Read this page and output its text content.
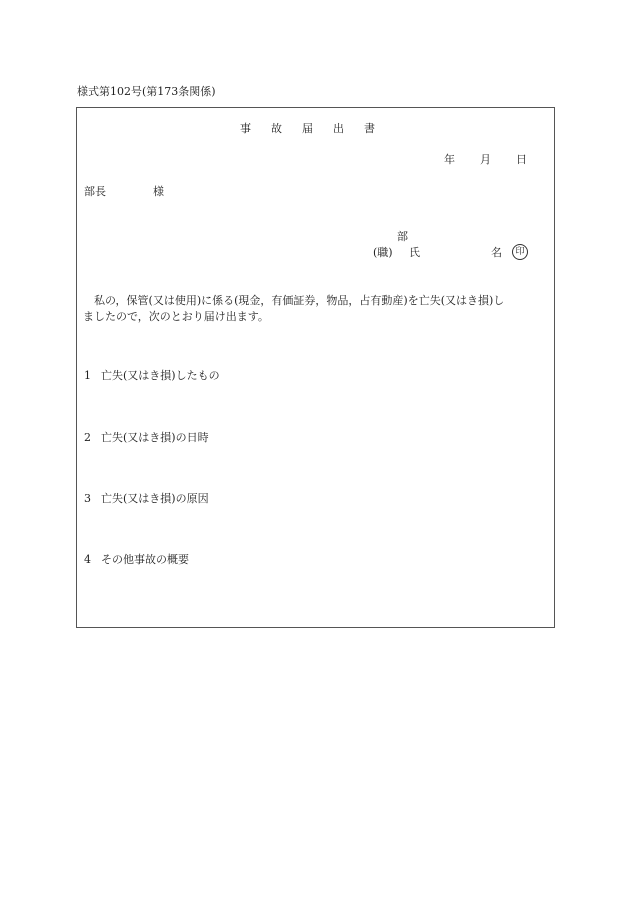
様式第102号(第173条関係)
事 故 届 出 書
年 月 日
部長	様
部
(職) 氏	名	印
　私の，保管(又は使用)に係る(現金，有価証券，物品，占有動産)を亡失(又はき損)し
ましたので，次のとおり届け出ます。
1 亡失(又はき損)したもの
2 亡失(又はき損)の日時
3 亡失(又はき損)の原因
4 その他事故の概要
